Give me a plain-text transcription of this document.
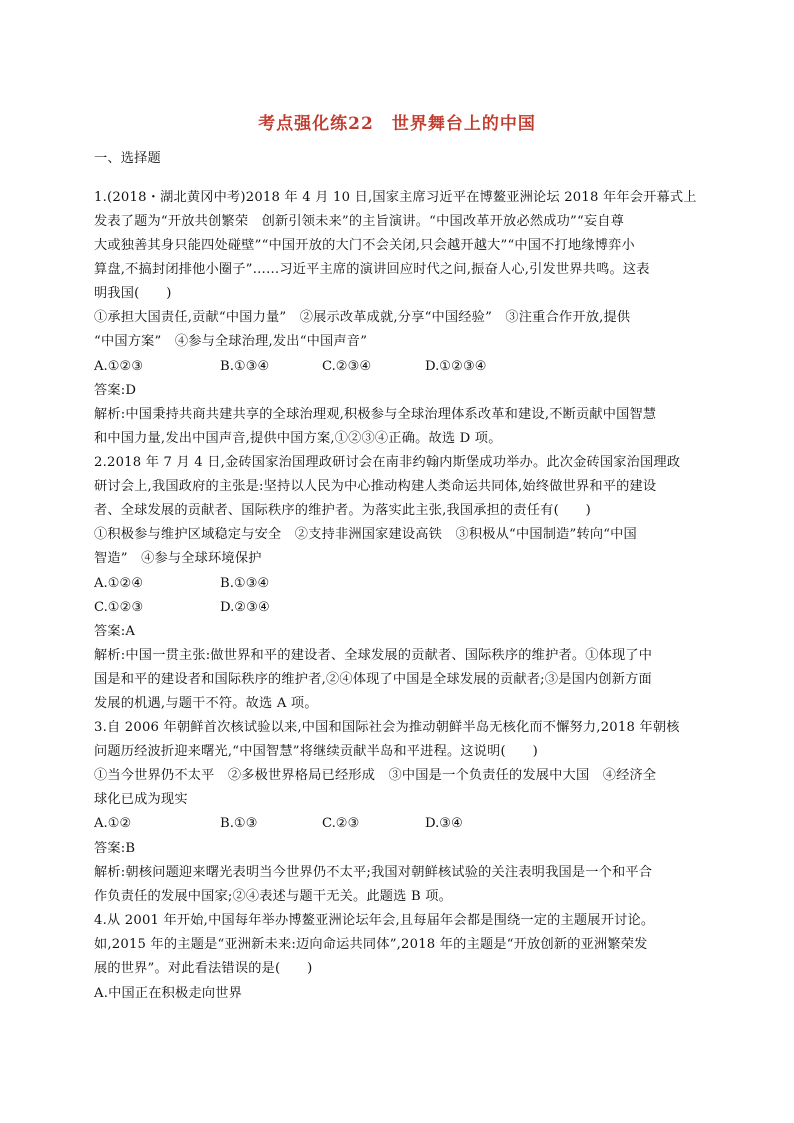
考点强化练22　世界舞台上的中国
一、选择题
1.(2018・湖北黄冈中考)2018 年 4 月 10 日,国家主席习近平在博鳌亚洲论坛 2018 年年会开幕式上
发表了题为“开放共创繁荣　创新引领未来”的主旨演讲。“中国改革开放必然成功”“妄自尊
大或独善其身只能四处碰壁”“中国开放的大门不会关闭,只会越开越大”“中国不打地缘博弈小
算盘,不搞封闭排他小圈子”……习近平主席的演讲回应时代之问,振奋人心,引发世界共鸣。这表
明我国(　　)
①承担大国责任,贡献“中国力量”　②展示改革成就,分享“中国经验”　③注重合作开放,提供
“中国方案”　④参与全球治理,发出“中国声音”
A.①②③	B.①③④	C.②③④	D.①②③④
答案:D
解析:中国秉持共商共建共享的全球治理观,积极参与全球治理体系改革和建设,不断贡献中国智慧
和中国力量,发出中国声音,提供中国方案,①②③④正确。故选 D 项。
2.2018 年 7 月 4 日,金砖国家治国理政研讨会在南非约翰内斯堡成功举办。此次金砖国家治国理政
研讨会上,我国政府的主张是:坚持以人民为中心推动构建人类命运共同体,始终做世界和平的建设
者、全球发展的贡献者、国际秩序的维护者。为落实此主张,我国承担的责任有(　　)
①积极参与维护区域稳定与安全　②支持非洲国家建设高铁　③积极从“中国制造”转向“中国
智造”　④参与全球环境保护
A.①②④	B.①③④
C.①②③	D.②③④
答案:A
解析:中国一贯主张:做世界和平的建设者、全球发展的贡献者、国际秩序的维护者。①体现了中
国是和平的建设者和国际秩序的维护者,②④体现了中国是全球发展的贡献者;③是国内创新方面
发展的机遇,与题干不符。故选 A 项。
3.自 2006 年朝鲜首次核试验以来,中国和国际社会为推动朝鲜半岛无核化而不懈努力,2018 年朝核
问题历经波折迎来曙光,“中国智慧”将继续贡献半岛和平进程。这说明(　　)
①当今世界仍不太平　②多极世界格局已经形成　③中国是一个负责任的发展中大国　④经济全
球化已成为现实
A.①②	B.①③	C.②③	D.③④
答案:B
解析:朝核问题迎来曙光表明当今世界仍不太平;我国对朝鲜核试验的关注表明我国是一个和平合
作负责任的发展中国家;②④表述与题干无关。此题选 B 项。
4.从 2001 年开始,中国每年举办博鳌亚洲论坛年会,且每届年会都是围绕一定的主题展开讨论。
如,2015 年的主题是“亚洲新未来:迈向命运共同体”,2018 年的主题是“开放创新的亚洲繁荣发
展的世界”。对此看法错误的是(　　)
A.中国正在积极走向世界
